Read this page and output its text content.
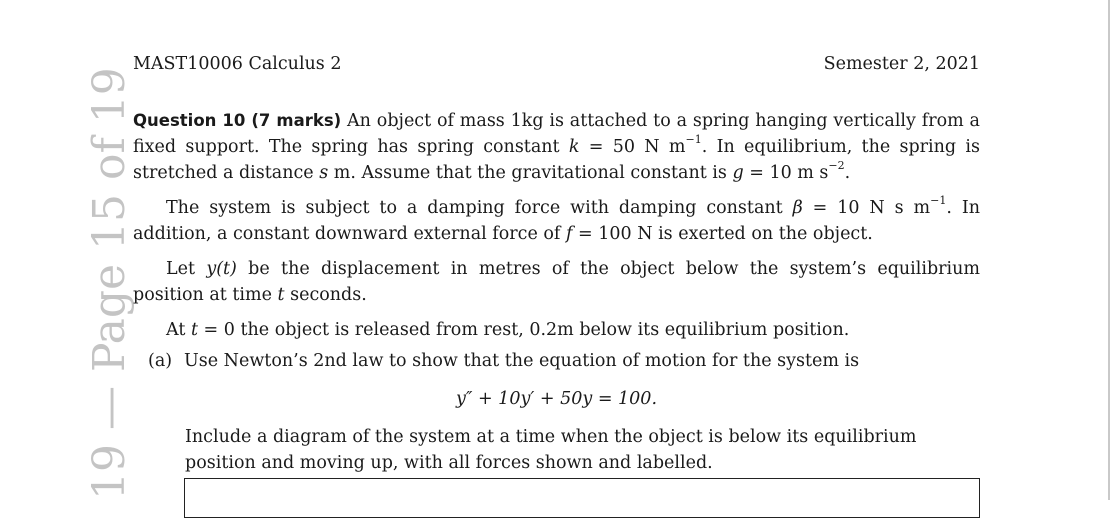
19 — Page 15 of 19
MAST10006 Calculus 2	Semester 2, 2021

Question 10 (7 marks) An object of mass 1kg is attached to a spring hanging vertically from a fixed support. The spring has spring constant k = 50 N $m^{-1}$. In equilibrium, the spring is stretched a distance s m. Assume that the gravitational constant is g = 10 m $s^{-2}$.

The system is subject to a damping force with damping constant β = 10 N s $m^{-1}$. In addition, a constant downward external force of f = 100 N is exerted on the object.

Let y(t) be the displacement in metres of the object below the system’s equilibrium position at time t seconds.

At t = 0 the object is released from rest, 0.2m below its equilibrium position.

(a) Use Newton’s 2nd law to show that the equation of motion for the system is
y″ + 10y′ + 50y = 100.
Include a diagram of the system at a time when the object is below its equilibrium position and moving up, with all forces shown and labelled.
